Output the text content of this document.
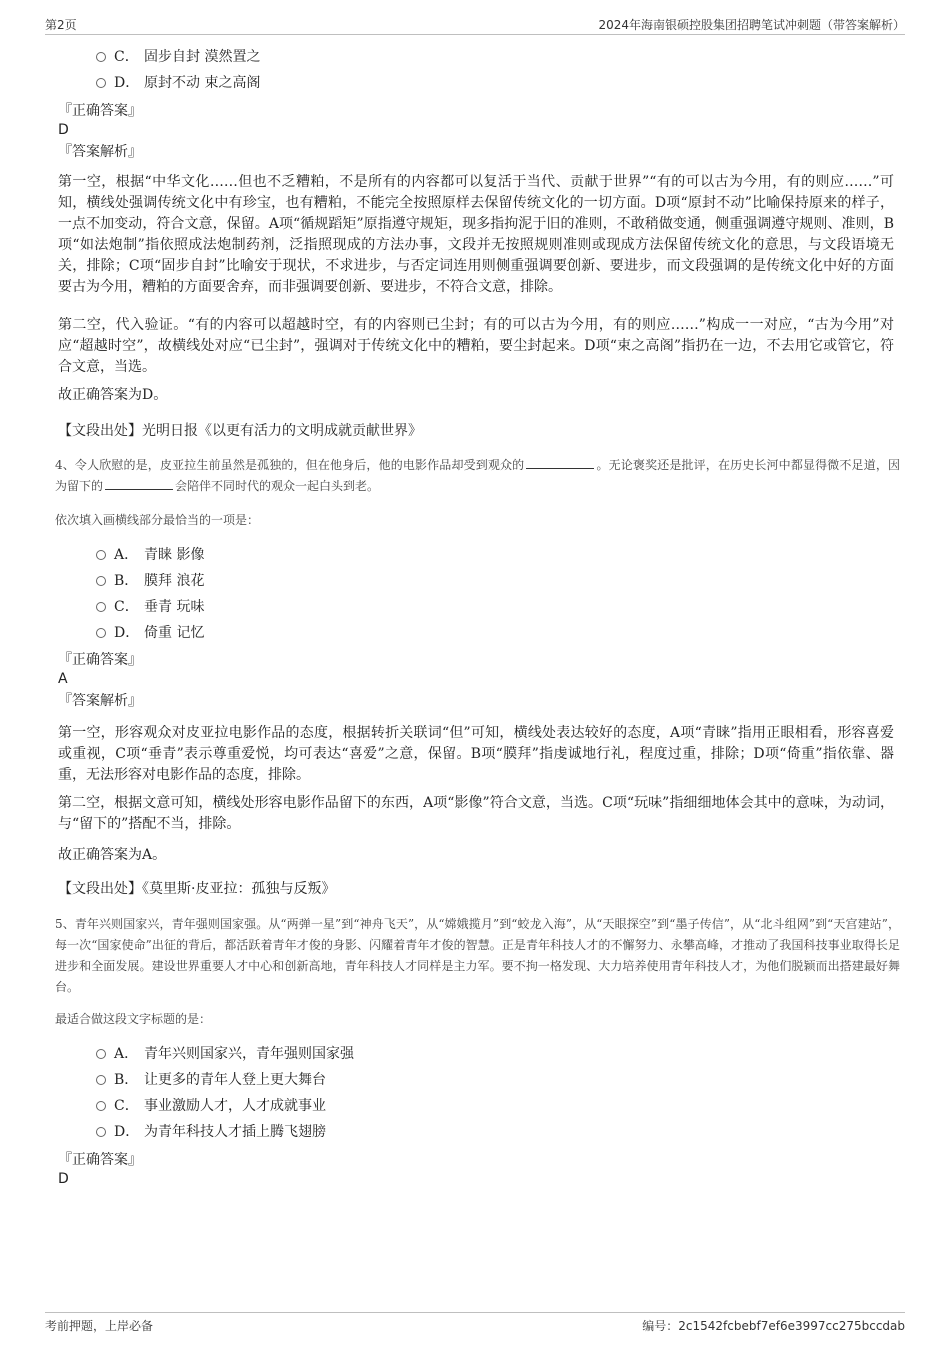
第2页	2024年海南银硕控股集团招聘笔试冲刺题（带答案解析）
C． 固步自封 漠然置之
D． 原封不动 束之高阁
『正确答案』
D
『答案解析』

第一空，根据“中华文化……但也不乏糟粕，不是所有的内容都可以复活于当代、贡献于世界”“有的可以古为今用，有的则应……”可知，横线处强调传统文化中有珍宝，也有糟粕，不能完全按照原样去保留传统文化的一切方面。D项“原封不动”比喻保持原来的样子，一点不加变动，符合文意，保留。A项“循规蹈矩”原指遵守规矩，现多指拘泥于旧的准则，不敢稍做变通，侧重强调遵守规则、准则，B项“如法炮制”指依照成法炮制药剂，泛指照现成的方法办事，文段并无按照规则准则或现成方法保留传统文化的意思，与文段语境无关，排除；C项“固步自封”比喻安于现状，不求进步，与否定词连用则侧重强调要创新、要进步，而文段强调的是传统文化中好的方面要古为今用，糟粕的方面要舍弃，而非强调要创新、要进步，不符合文意，排除。

第二空，代入验证。“有的内容可以超越时空，有的内容则已尘封；有的可以古为今用，有的则应……”构成一一对应，“古为今用”对应“超越时空”，故横线处对应“已尘封”，强调对于传统文化中的糟粕，要尘封起来。D项“束之高阁”指扔在一边，不去用它或管它，符合文意，当选。

故正确答案为D。

【文段出处】光明日报《以更有活力的文明成就贡献世界》

4、令人欣慰的是，皮亚拉生前虽然是孤独的，但在他身后，他的电影作品却受到观众的	。无论褒奖还是批评，在历史长河中都显得微不足道，因为留下的	会陪伴不同时代的观众一起白头到老。

依次填入画横线部分最恰当的一项是：
A． 青睐 影像
B． 膜拜 浪花
C． 垂青 玩味
D． 倚重 记忆
『正确答案』
A
『答案解析』

第一空，形容观众对皮亚拉电影作品的态度，根据转折关联词“但”可知，横线处表达较好的态度，A项“青睐”指用正眼相看，形容喜爱或重视，C项“垂青”表示尊重爱悦，均可表达“喜爱”之意，保留。B项“膜拜”指虔诚地行礼，程度过重，排除；D项“倚重”指依靠、器重，无法形容对电影作品的态度，排除。

第二空，根据文意可知，横线处形容电影作品留下的东西，A项“影像”符合文意，当选。C项“玩味”指细细地体会其中的意味，为动词，与“留下的”搭配不当，排除。

故正确答案为A。

【文段出处】《莫里斯·皮亚拉：孤独与反叛》

5、青年兴则国家兴，青年强则国家强。从“两弹一星”到“神舟飞天”，从“嫦娥揽月”到“蛟龙入海”，从“天眼探空”到“墨子传信”，从“北斗组网”到“天宫建站”，每一次“国家使命”出征的背后，都活跃着青年才俊的身影、闪耀着青年才俊的智慧。正是青年科技人才的不懈努力、永攀高峰，才推动了我国科技事业取得长足进步和全面发展。建设世界重要人才中心和创新高地，青年科技人才同样是主力军。要不拘一格发现、大力培养使用青年科技人才，为他们脱颖而出搭建最好舞台。

最适合做这段文字标题的是：
A． 青年兴则国家兴，青年强则国家强
B． 让更多的青年人登上更大舞台
C． 事业激励人才，人才成就事业
D． 为青年科技人才插上腾飞翅膀
『正确答案』
D
考前押题，上岸必备	编号：2c1542fcbebf7ef6e3997cc275bccdab
